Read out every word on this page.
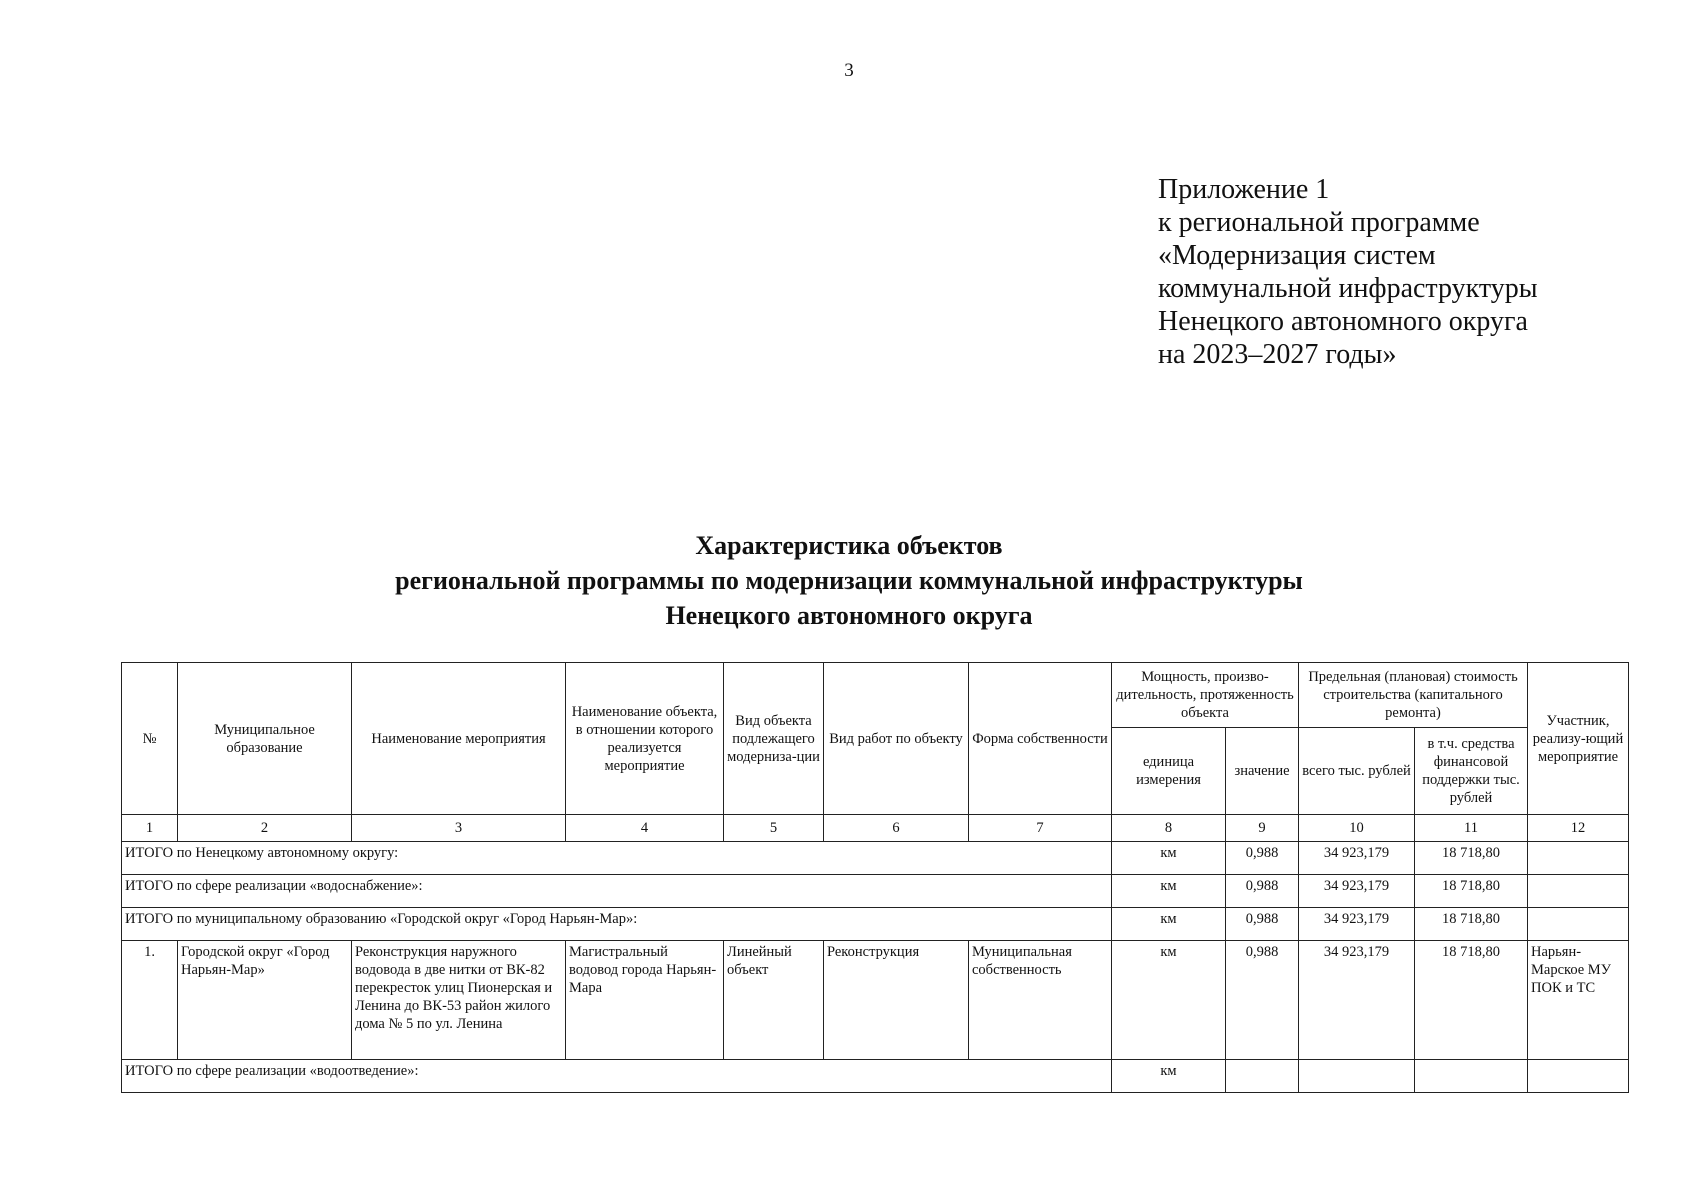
3
Приложение 1
к региональной программе
«Модернизация систем
коммунальной инфраструктуры
Ненецкого автономного округа
на 2023–2027 годы»
Характеристика объектов
региональной программы по модернизации коммунальной инфраструктуры
Ненецкого автономного округа
№	Муниципальное образование	Наименование мероприятия	Наименование объекта, в отношении которого реализуется мероприятие	Вид объекта подлежащего модерниза-ции	Вид работ по объекту	Форма собственности	Мощность, произво-дительность, протяженность объекта		Предельная (плановая) стоимость строительства (капитального ремонта)		Участник, реализу-ющий мероприятие
							единица измерения	значение	всего тыс. рублей	в т.ч. средства финансовой поддержки тыс. рублей	
1	2	3	4	5	6	7	8	9	10	11	12
ИТОГО по Ненецкому автономному округу:							км	0,988	34 923,179	18 718,80	
ИТОГО по сфере реализации «водоснабжение»:							км	0,988	34 923,179	18 718,80	
ИТОГО по муниципальному образованию «Городской округ «Город Нарьян-Мар»:							км	0,988	34 923,179	18 718,80	
1.	Городской округ «Город Нарьян-Мар»	Реконструкция наружного водовода в две нитки от ВК-82 перекресток улиц Пионерская и Ленина до ВК-53 район жилого дома № 5 по ул. Ленина	Магистральный водовод города Нарьян-Мара	Линейный объект	Реконструкция	Муниципальная собственность	км	0,988	34 923,179	18 718,80	Нарьян-Марское МУ ПОК и ТС
ИТОГО по сфере реализации «водоотведение»:							км				
